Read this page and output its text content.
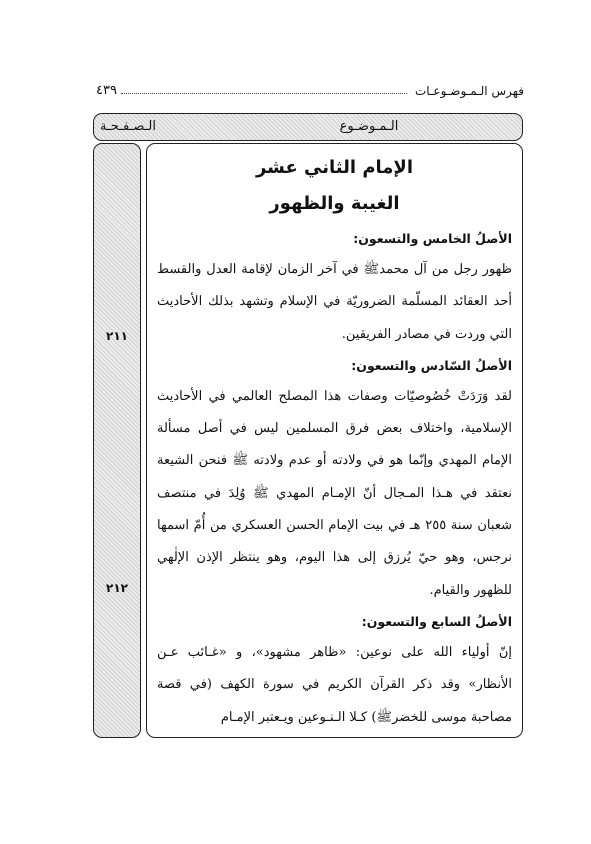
فهرس الـمـوضـوعـات
٤٣٩
الـمـوضـوع
الـصـفـحـة
٢١١
٢١٢
الإمام الثاني عشر
الغيبة والظهور
الأصلُ الخامس والتسعون:

ظهور رجل من آل محمدﷺ في آخر الزمان لإقامة العدل والقسط أحد العقائد المسلّمة الضروريّة في الإسلام وتشهد بذلك الأحاديث التي وردت في مصادر الفريقين.

الأصلُ السّادس والتسعون:

لقد وَرَدَتْ خُصُوصيّات وصفات هذا المصلح العالمي في الأحاديث الإسلامية، واختلاف بعض فرق المسلمين ليس في أصل مسألة الإمام المهدي وإنّما هو في ولادته أو عدم ولادته ﷺ فنحن الشيعة نعتقد في هـذا المـجال أنّ الإمـام المهدي ﷺ وُلِدَ في منتصف شعبان سنة ٢٥٥ هـ في بيت الإمام الحسن العسكري من أُمّ اسمها نرجس، وهو حيّ يُرزق إلى هذا اليوم، وهو ينتظر الإذن الإلٰهي للظهور والقيام.

الأصلُ السابع والتسعون:

إنّ أولياء الله على نوعين: «ظاهر مشهود»، و «غـائب عـن الأنظار» وقد ذكر القرآن الكريم في سورة الكهف (في قصة مصاحبة موسى للخضرﷺ) كـلا الـنـوعين ويـعتبر الإمـام
